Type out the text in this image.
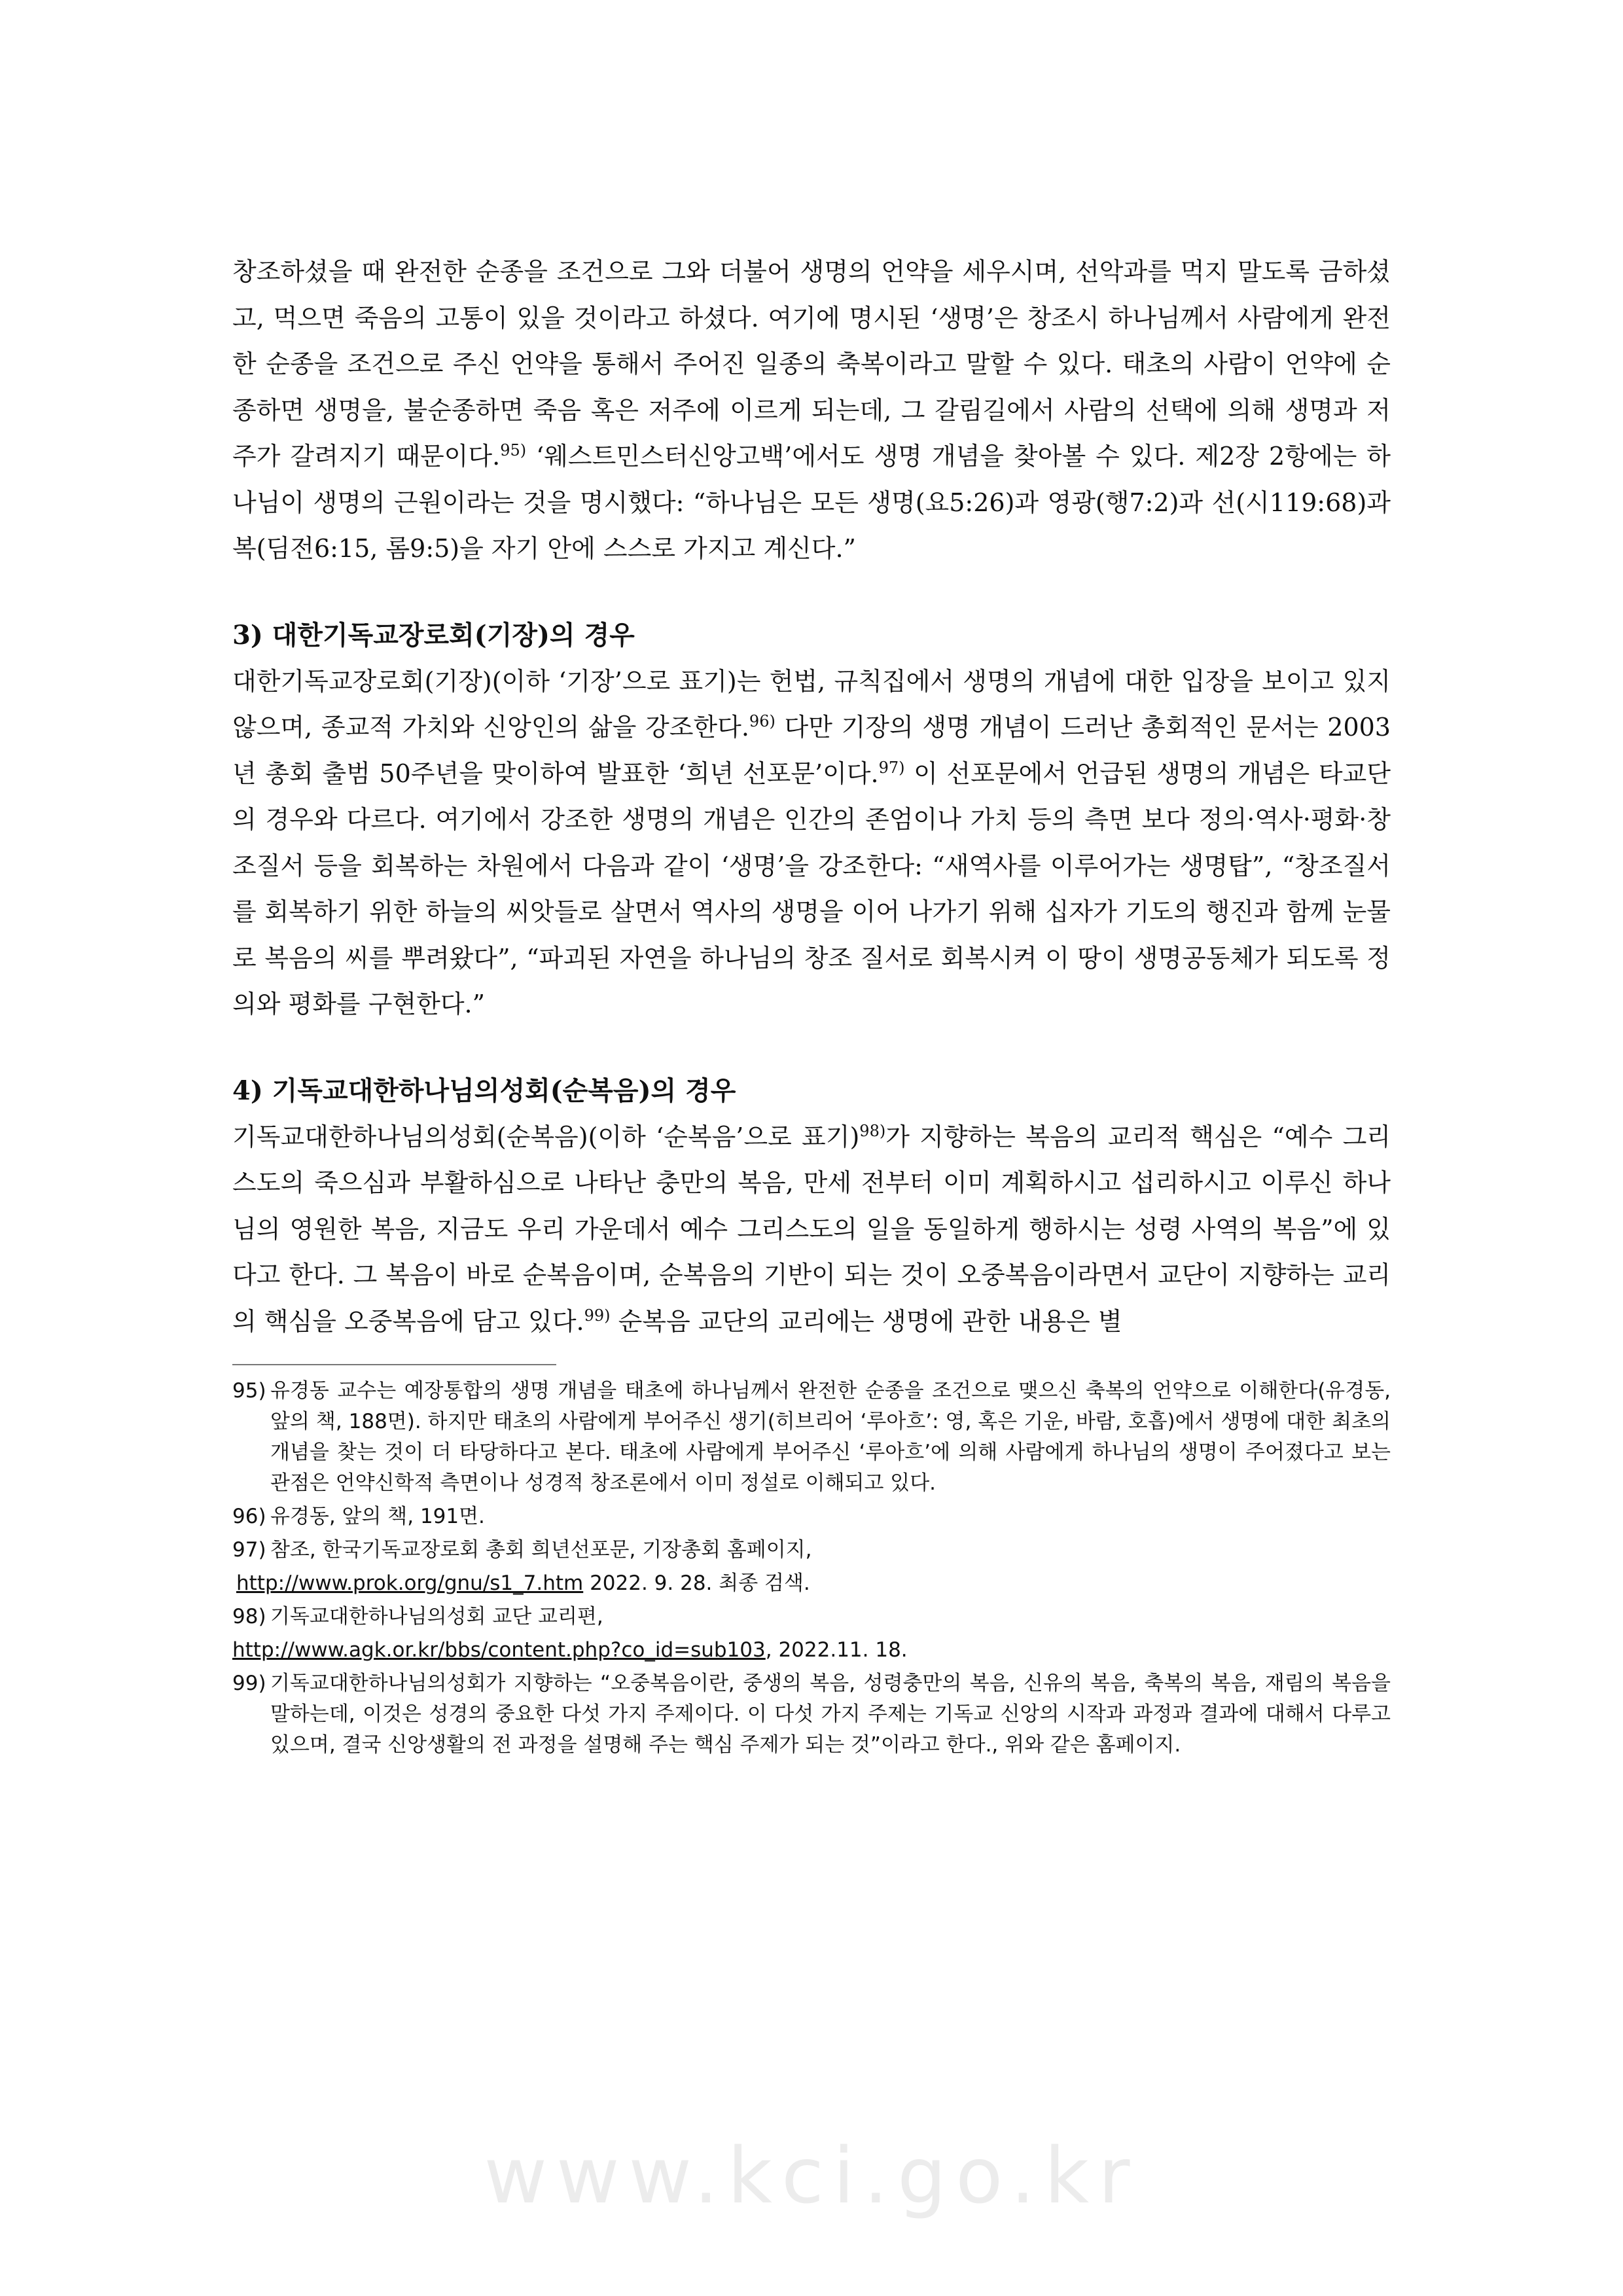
창조하셨을 때 완전한 순종을 조건으로 그와 더불어 생명의 언약을 세우시며, 선악과를 먹지 말도록 금하셨고, 먹으면 죽음의 고통이 있을 것이라고 하셨다. 여기에 명시된 ‘생명’은 창조시 하나님께서 사람에게 완전한 순종을 조건으로 주신 언약을 통해서 주어진 일종의 축복이라고 말할 수 있다. 태초의 사람이 언약에 순종하면 생명을, 불순종하면 죽음 혹은 저주에 이르게 되는데, 그 갈림길에서 사람의 선택에 의해 생명과 저주가 갈려지기 때문이다.$^{95)}$ ‘웨스트민스터신앙고백’에서도 생명 개념을 찾아볼 수 있다. 제2장 2항에는 하나님이 생명의 근원이라는 것을 명시했다: “하나님은 모든 생명(요5:26)과 영광(행7:2)과 선(시119:68)과 복(딤전6:15, 롬9:5)을 자기 안에 스스로 가지고 계신다.”

3) 대한기독교장로회(기장)의 경우

대한기독교장로회(기장)(이하 ‘기장’으로 표기)는 헌법, 규칙집에서 생명의 개념에 대한 입장을 보이고 있지 않으며, 종교적 가치와 신앙인의 삶을 강조한다.$^{96)}$ 다만 기장의 생명 개념이 드러난 총회적인 문서는 2003년 총회 출범 50주년을 맞이하여 발표한 ‘희년 선포문’이다.$^{97)}$ 이 선포문에서 언급된 생명의 개념은 타교단의 경우와 다르다. 여기에서 강조한 생명의 개념은 인간의 존엄이나 가치 등의 측면 보다 정의·역사·평화·창조질서 등을 회복하는 차원에서 다음과 같이 ‘생명’을 강조한다: “새역사를 이루어가는 생명탑”, “창조질서를 회복하기 위한 하늘의 씨앗들로 살면서 역사의 생명을 이어 나가기 위해 십자가 기도의 행진과 함께 눈물로 복음의 씨를 뿌려왔다”, “파괴된 자연을 하나님의 창조 질서로 회복시켜 이 땅이 생명공동체가 되도록 정의와 평화를 구현한다.”

4) 기독교대한하나님의성회(순복음)의 경우

기독교대한하나님의성회(순복음)(이하 ‘순복음’으로 표기)$^{98)}$가 지향하는 복음의 교리적 핵심은 “예수 그리스도의 죽으심과 부활하심으로 나타난 충만의 복음, 만세 전부터 이미 계획하시고 섭리하시고 이루신 하나님의 영원한 복음, 지금도 우리 가운데서 예수 그리스도의 일을 동일하게 행하시는 성령 사역의 복음”에 있다고 한다. 그 복음이 바로 순복음이며, 순복음의 기반이 되는 것이 오중복음이라면서 교단이 지향하는 교리의 핵심을 오중복음에 담고 있다.$^{99)}$ 순복음 교단의 교리에는 생명에 관한 내용은 별

95) 유경동 교수는 예장통합의 생명 개념을 태초에 하나님께서 완전한 순종을 조건으로 맺으신 축복의 언약으로 이해한다(유경동, 앞의 책, 188면). 하지만 태초의 사람에게 부어주신 생기(히브리어 ‘루아흐’: 영, 혹은 기운, 바람, 호흡)에서 생명에 대한 최초의 개념을 찾는 것이 더 타당하다고 본다. 태초에 사람에게 부어주신 ‘루아흐’에 의해 사람에게 하나님의 생명이 주어졌다고 보는 관점은 언약신학적 측면이나 성경적 창조론에서 이미 정설로 이해되고 있다.
96) 유경동, 앞의 책, 191면.
97) 참조, 한국기독교장로회 총회 희년선포문, 기장총회 홈페이지,
http://www.prok.org/gnu/s1_7.htm 2022. 9. 28. 최종 검색.
98) 기독교대한하나님의성회 교단 교리편,
http://www.agk.or.kr/bbs/content.php?co_id=sub103, 2022.11. 18.
99) 기독교대한하나님의성회가 지향하는 “오중복음이란, 중생의 복음, 성령충만의 복음, 신유의 복음, 축복의 복음, 재림의 복음을 말하는데, 이것은 성경의 중요한 다섯 가지 주제이다. 이 다섯 가지 주제는 기독교 신앙의 시작과 과정과 결과에 대해서 다루고 있으며, 결국 신앙생활의 전 과정을 설명해 주는 핵심 주제가 되는 것”이라고 한다., 위와 같은 홈페이지.
www.kci.go.kr
